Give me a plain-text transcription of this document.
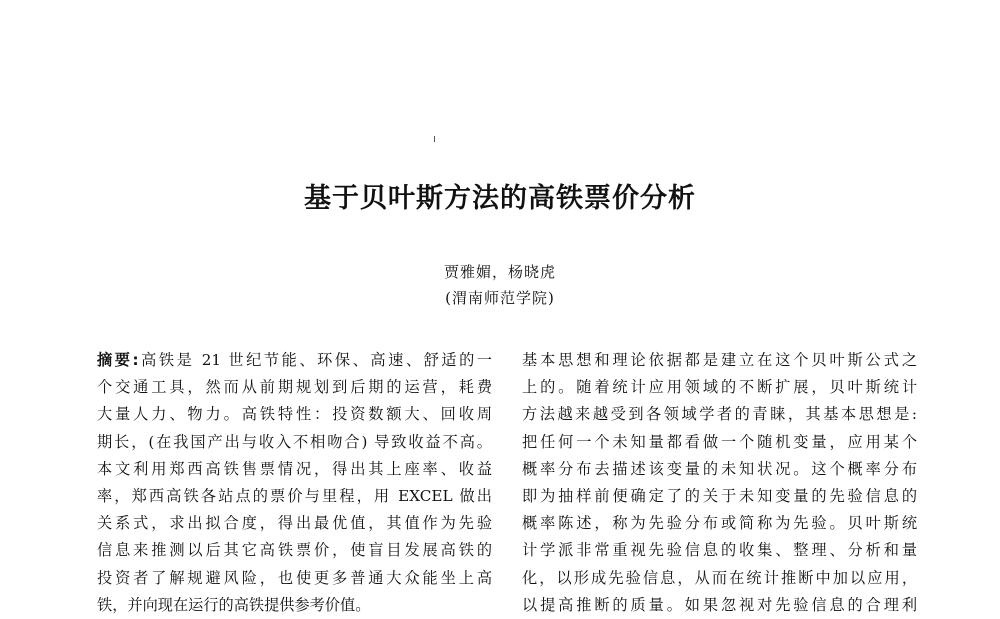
基于贝叶斯方法的高铁票价分析
贾雅媚，杨晓虎
(渭南师范学院)
摘要:高铁是 21 世纪节能、环保、高速、舒适的一
个交通工具，然而从前期规划到后期的运营，耗费
大量人力、物力。高铁特性：投资数额大、回收周
期长，(在我国产出与收入不相吻合) 导致收益不高。
本文利用郑西高铁售票情况，得出其上座率、收益
率，郑西高铁各站点的票价与里程，用 EXCEL 做出
关系式，求出拟合度，得出最优值，其值作为先验
信息来推测以后其它高铁票价，使盲目发展高铁的
投资者了解规避风险，也使更多普通大众能坐上高
铁，并向现在运行的高铁提供参考价值。
基本思想和理论依据都是建立在这个贝叶斯公式之
上的。随着统计应用领域的不断扩展，贝叶斯统计
方法越来越受到各领域学者的青睐，其基本思想是:
把任何一个未知量都看做一个随机变量，应用某个
概率分布去描述该变量的未知状况。这个概率分布
即为抽样前便确定了的关于未知变量的先验信息的
概率陈述，称为先验分布或简称为先验。贝叶斯统
计学派非常重视先验信息的收集、整理、分析和量
化，以形成先验信息，从而在统计推断中加以应用，
以提高推断的质量。如果忽视对先验信息的合理利
